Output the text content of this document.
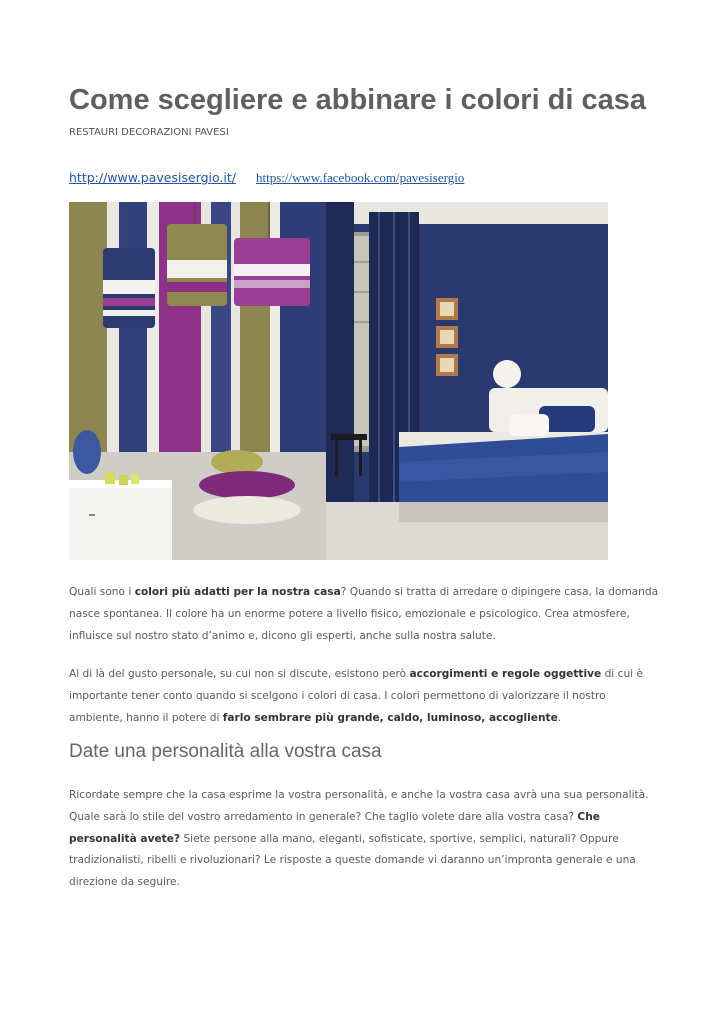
Come scegliere e abbinare i colori di casa
RESTAURI DECORAZIONI PAVESI
http://www.pavesisergio.it/ https://www.facebook.com/pavesisergio

Quali sono i colori più adatti per la nostra casa? Quando si tratta di arredare o dipingere casa, la domanda nasce spontanea. Il colore ha un enorme potere a livello fisico, emozionale e psicologico. Crea atmosfere, influisce sul nostro stato d’animo e, dicono gli esperti, anche sulla nostra salute.

Al di là del gusto personale, su cui non si discute, esistono però accorgimenti e regole oggettive di cui è importante tener conto quando si scelgono i colori di casa. I colori permettono di valorizzare il nostro ambiente, hanno il potere di farlo sembrare più grande, caldo, luminoso, accogliente.

Date una personalità alla vostra casa

Ricordate sempre che la casa esprime la vostra personalità, e anche la vostra casa avrà una sua personalità. Quale sarà lo stile del vostro arredamento in generale? Che taglio volete dare alla vostra casa? Che personalità avete? Siete persone alla mano, eleganti, sofisticate, sportive, semplici, naturali? Oppure tradizionalisti, ribelli e rivoluzionari? Le risposte a queste domande vi daranno un’impronta generale e una direzione da seguire.
